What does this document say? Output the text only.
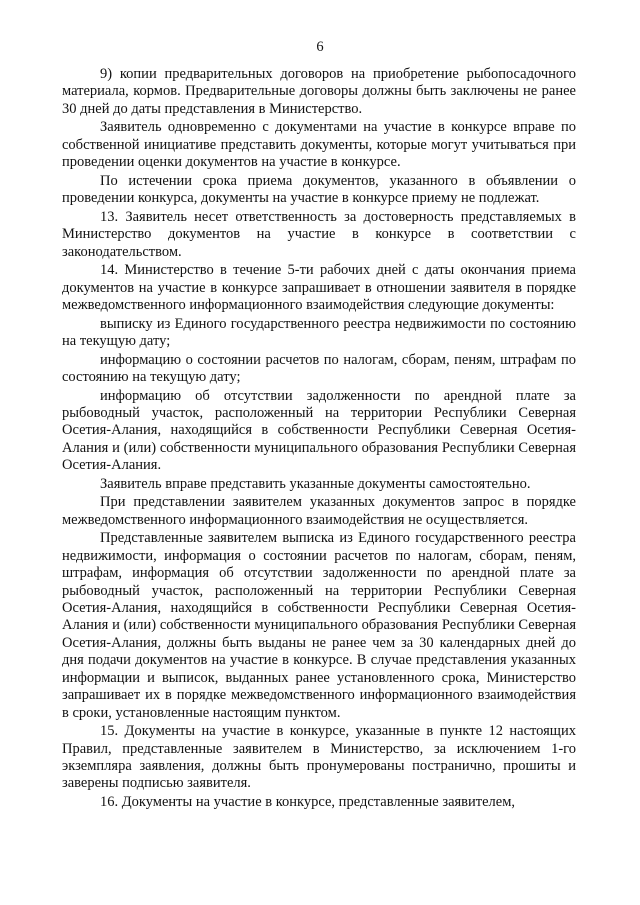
6

9) копии предварительных договоров на приобретение рыбопосадочного материала, кормов. Предварительные договоры должны быть заключены не ранее 30 дней до даты представления в Министерство.

Заявитель одновременно с документами на участие в конкурсе вправе по собственной инициативе представить документы, которые могут учитываться при проведении оценки документов на участие в конкурсе.

По истечении срока приема документов, указанного в объявлении о проведении конкурса, документы на участие в конкурсе приему не подлежат.

13. Заявитель несет ответственность за достоверность представляемых в Министерство документов на участие в конкурсе в соответствии с законодательством.

14. Министерство в течение 5-ти рабочих дней с даты окончания приема документов на участие в конкурсе запрашивает в отношении заявителя в порядке межведомственного информационного взаимодействия следующие документы:

выписку из Единого государственного реестра недвижимости по состоянию на текущую дату;

информацию о состоянии расчетов по налогам, сборам, пеням, штрафам по состоянию на текущую дату;

информацию об отсутствии задолженности по арендной плате за рыбоводный участок, расположенный на территории Республики Северная Осетия-Алания, находящийся в собственности Республики Северная Осетия-Алания и (или) собственности муниципального образования Республики Северная Осетия-Алания.

Заявитель вправе представить указанные документы самостоятельно.

При представлении заявителем указанных документов запрос в порядке межведомственного информационного взаимодействия не осуществляется.

Представленные заявителем выписка из Единого государственного реестра недвижимости, информация о состоянии расчетов по налогам, сборам, пеням, штрафам, информация об отсутствии задолженности по арендной плате за рыбоводный участок, расположенный на территории Республики Северная Осетия-Алания, находящийся в собственности Республики Северная Осетия-Алания и (или) собственности муниципального образования Республики Северная Осетия-Алания, должны быть выданы не ранее чем за 30 календарных дней до дня подачи документов на участие в конкурсе. В случае представления указанных информации и выписок, выданных ранее установленного срока, Министерство запрашивает их в порядке межведомственного информационного взаимодействия в сроки, установленные настоящим пунктом.

15. Документы на участие в конкурсе, указанные в пункте 12 настоящих Правил, представленные заявителем в Министерство, за исключением 1-го экземпляра заявления, должны быть пронумерованы постранично, прошиты и заверены подписью заявителя.

16. Документы на участие в конкурсе, представленные заявителем,
